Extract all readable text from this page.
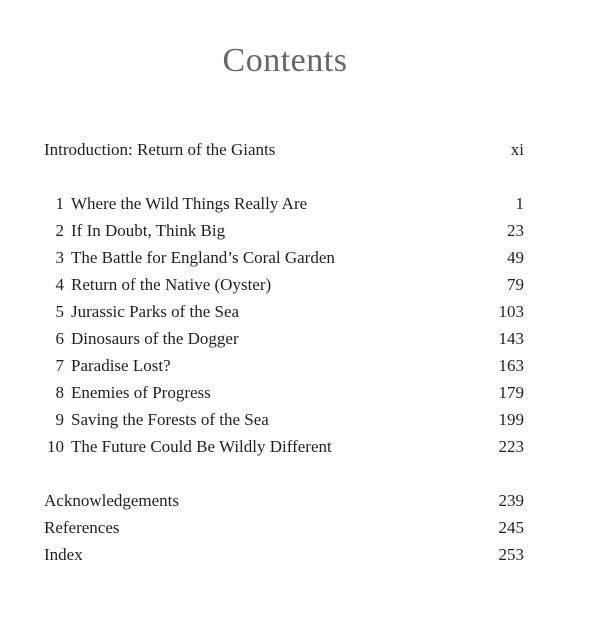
Contents
Introduction: Return of the Giants	xi
1 Where the Wild Things Really Are	1
2 If In Doubt, Think Big	23
3 The Battle for England’s Coral Garden	49
4 Return of the Native (Oyster)	79
5 Jurassic Parks of the Sea	103
6 Dinosaurs of the Dogger	143
7 Paradise Lost?	163
8 Enemies of Progress	179
9 Saving the Forests of the Sea	199
10 The Future Could Be Wildly Different	223
Acknowledgements	239
References	245
Index	253
